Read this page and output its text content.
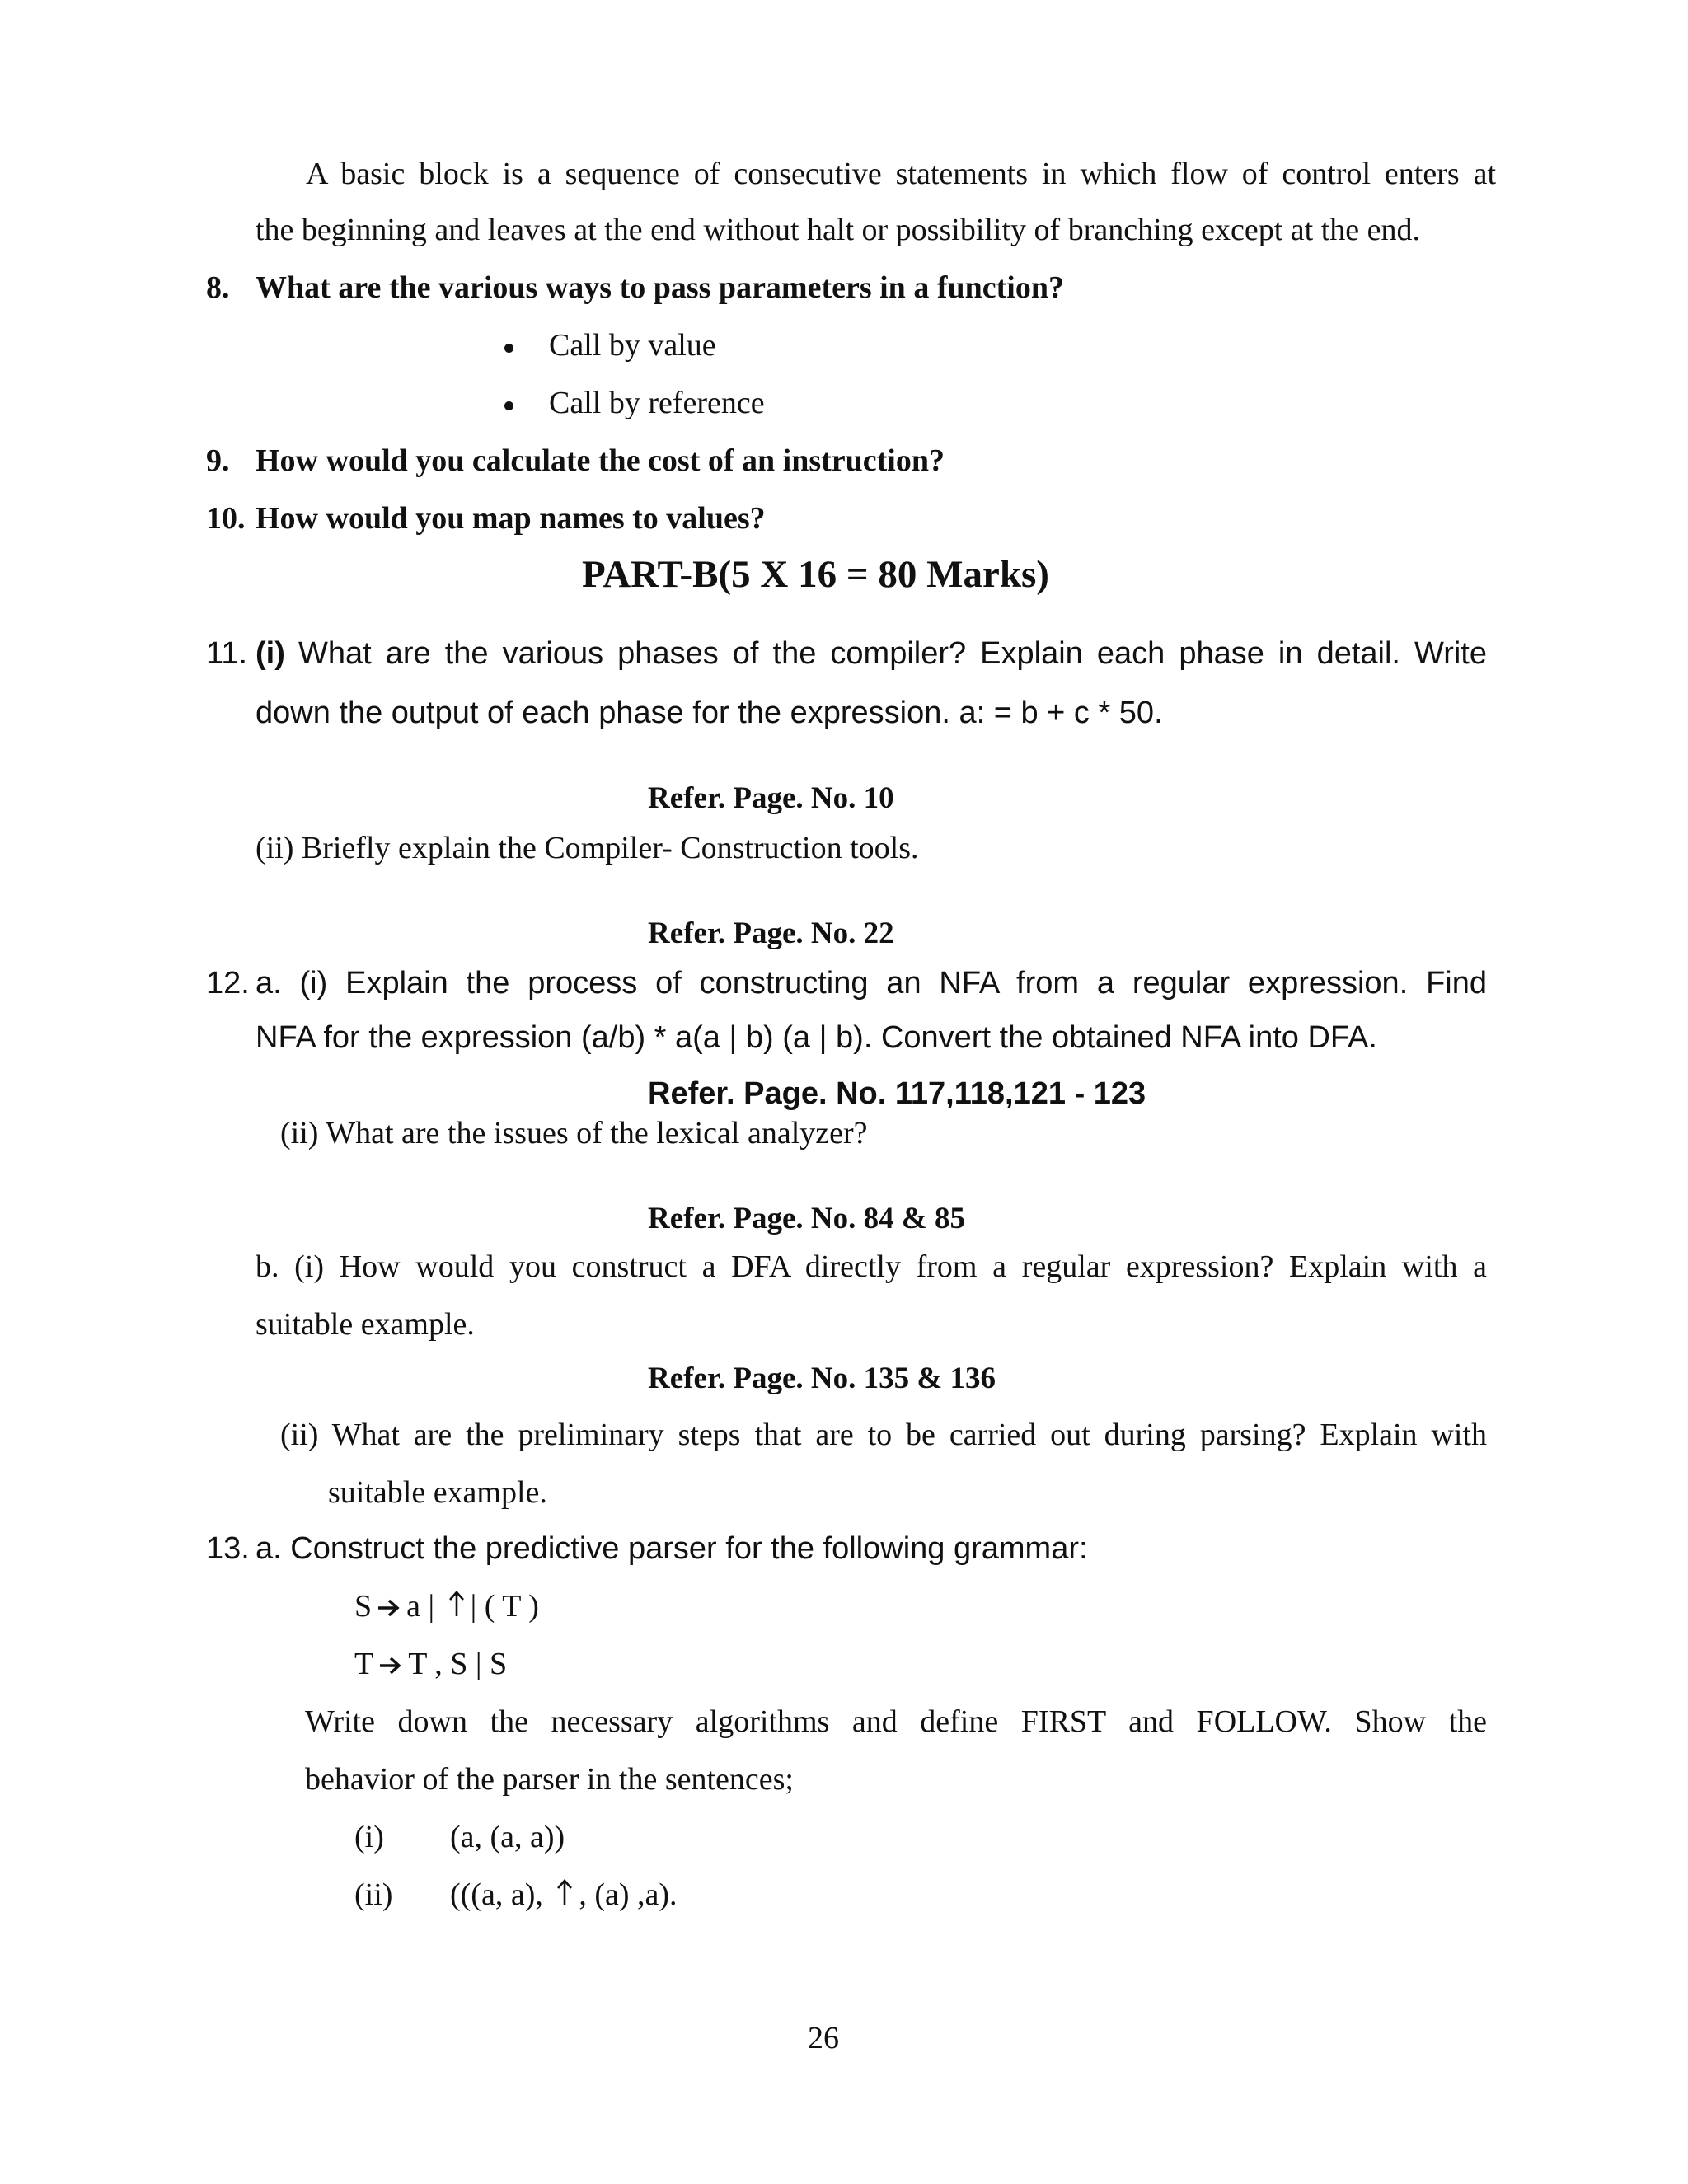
A basic block is a sequence of consecutive statements in which flow of control enters at
the beginning and leaves at the end without halt or possibility of branching except at the end.
8. What are the various ways to pass parameters in a function?
Call by value
Call by reference
9. How would you calculate the cost of an instruction?
10. How would you map names to values?
PART-B(5 X 16 = 80 Marks)
11. (i) What are the various phases of the compiler? Explain each phase in detail. Write
down the output of each phase for the expression. a: = b + c * 50.
Refer. Page. No. 10
(ii) Briefly explain the Compiler- Construction tools.
Refer. Page. No. 22
12. a. (i) Explain the process of constructing an NFA from a regular expression. Find
NFA for the expression (a/b) * a(a | b) (a | b). Convert the obtained NFA into DFA.
Refer. Page. No. 117,118,121 - 123
(ii) What are the issues of the lexical analyzer?
Refer. Page. No. 84 & 85
b. (i) How would you construct a DFA directly from a regular expression? Explain with a
suitable example.
Refer. Page. No. 135 & 136
(ii) What are the preliminary steps that are to be carried out during parsing? Explain with
suitable example.
13. a. Construct the predictive parser for the following grammar:
S a | | ( T )
T T , S | S
Write down the necessary algorithms and define FIRST and FOLLOW. Show the
behavior of the parser in the sentences;
(i) (a, (a, a))
(ii) (((a, a), , (a) ,a).
26
